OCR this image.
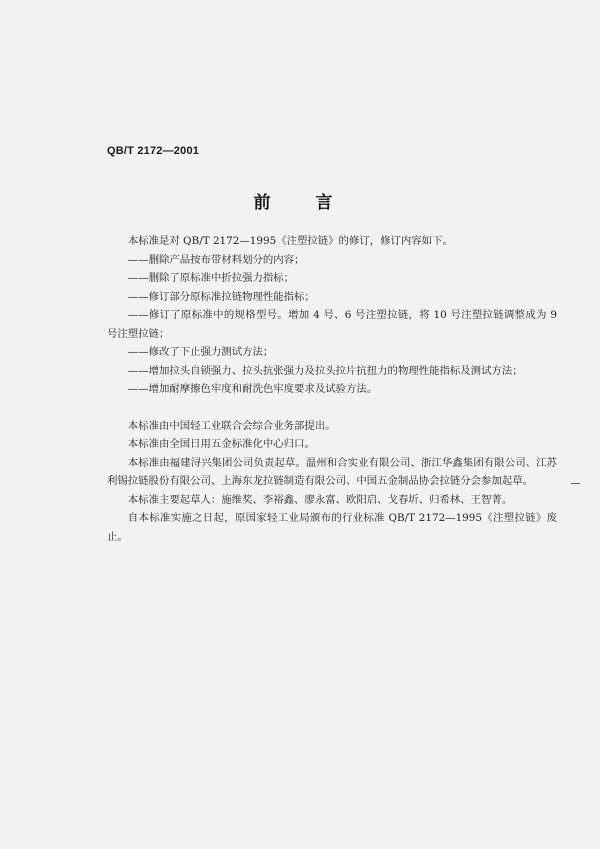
QB/T 2172—2001
前　言

本标准是对 QB/T 2172—1995《注塑拉链》的修订，修订内容如下。

——删除产品按布带材料划分的内容；

——删除了原标准中折拉强力指标；

——修订部分原标准拉链物理性能指标；

——修订了原标准中的规格型号。增加 4 号、6 号注塑拉链，将 10 号注塑拉链调整成为 9 号注塑拉链；

——修改了下止强力测试方法；

——增加拉头自锁强力、拉头抗张强力及拉头拉片抗扭力的物理性能指标及测试方法；

——增加耐摩擦色牢度和耐洗色牢度要求及试验方法。

本标准由中国轻工业联合会综合业务部提出。

本标准由全国日用五金标准化中心归口。

本标准由福建浔兴集团公司负责起草。温州和合实业有限公司、浙江华鑫集团有限公司、江苏利锡拉链股份有限公司、上海东龙拉链制造有限公司、中国五金制品协会拉链分会参加起草。

本标准主要起草人：施维奖、李裕鑫、廖永富、欧阳启、戈春圻、归希林、王智菁。

自本标准实施之日起，原国家轻工业局颁布的行业标准 QB/T 2172—1995《注塑拉链》废止。
